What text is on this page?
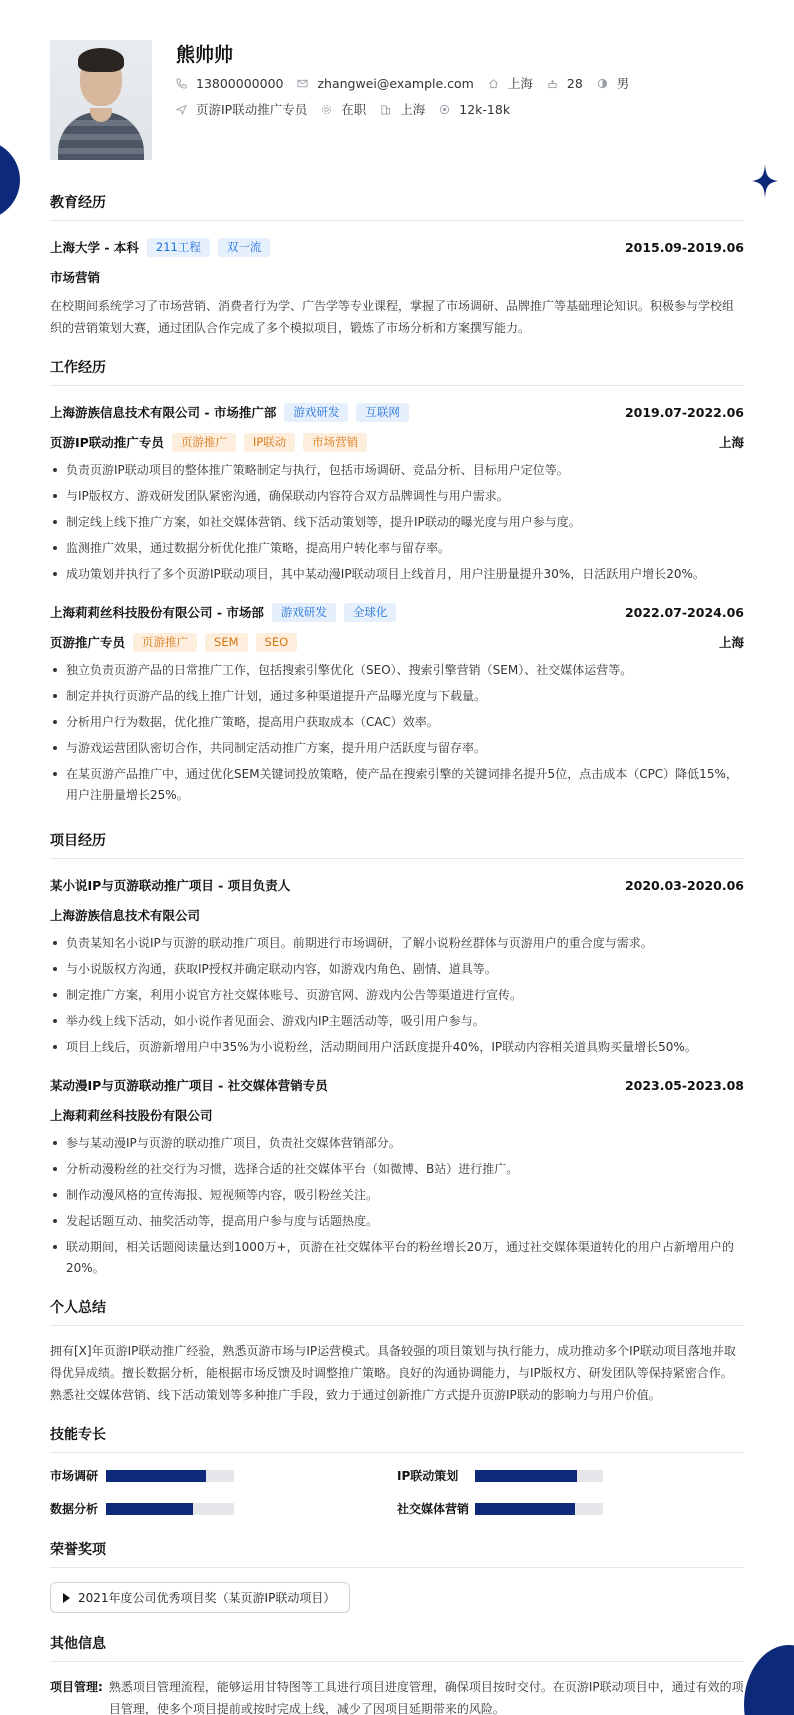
熊帅帅
13800000000	zhangwei@example.com	上海	28	男
页游IP联动推广专员	在职	上海	12k-18k
教育经历
上海大学 - 本科	211工程	双一流	2015.09-2019.06
市场营销
在校期间系统学习了市场营销、消费者行为学、广告学等专业课程，掌握了市场调研、品牌推广等基础理论知识。积极参与学校组织的营销策划大赛，通过团队合作完成了多个模拟项目，锻炼了市场分析和方案撰写能力。
工作经历
上海游族信息技术有限公司 - 市场推广部	游戏研发	互联网	2019.07-2022.06
页游IP联动推广专员	页游推广	IP联动	市场营销	上海
负责页游IP联动项目的整体推广策略制定与执行，包括市场调研、竞品分析、目标用户定位等。
与IP版权方、游戏研发团队紧密沟通，确保联动内容符合双方品牌调性与用户需求。
制定线上线下推广方案，如社交媒体营销、线下活动策划等，提升IP联动的曝光度与用户参与度。
监测推广效果，通过数据分析优化推广策略，提高用户转化率与留存率。
成功策划并执行了多个页游IP联动项目，其中某动漫IP联动项目上线首月，用户注册量提升30%，日活跃用户增长20%。
上海莉莉丝科技股份有限公司 - 市场部	游戏研发	全球化	2022.07-2024.06
页游推广专员	页游推广	SEM	SEO	上海
独立负责页游产品的日常推广工作，包括搜索引擎优化（SEO）、搜索引擎营销（SEM）、社交媒体运营等。
制定并执行页游产品的线上推广计划，通过多种渠道提升产品曝光度与下载量。
分析用户行为数据，优化推广策略，提高用户获取成本（CAC）效率。
与游戏运营团队密切合作，共同制定活动推广方案，提升用户活跃度与留存率。
在某页游产品推广中，通过优化SEM关键词投放策略，使产品在搜索引擎的关键词排名提升5位，点击成本（CPC）降低15%，用户注册量增长25%。
项目经历
某小说IP与页游联动推广项目 - 项目负责人	2020.03-2020.06
上海游族信息技术有限公司
负责某知名小说IP与页游的联动推广项目。前期进行市场调研，了解小说粉丝群体与页游用户的重合度与需求。
与小说版权方沟通，获取IP授权并确定联动内容，如游戏内角色、剧情、道具等。
制定推广方案，利用小说官方社交媒体账号、页游官网、游戏内公告等渠道进行宣传。
举办线上线下活动，如小说作者见面会、游戏内IP主题活动等，吸引用户参与。
项目上线后，页游新增用户中35%为小说粉丝，活动期间用户活跃度提升40%，IP联动内容相关道具购买量增长50%。
某动漫IP与页游联动推广项目 - 社交媒体营销专员	2023.05-2023.08
上海莉莉丝科技股份有限公司
参与某动漫IP与页游的联动推广项目，负责社交媒体营销部分。
分析动漫粉丝的社交行为习惯，选择合适的社交媒体平台（如微博、B站）进行推广。
制作动漫风格的宣传海报、短视频等内容，吸引粉丝关注。
发起话题互动、抽奖活动等，提高用户参与度与话题热度。
联动期间，相关话题阅读量达到1000万+，页游在社交媒体平台的粉丝增长20万，通过社交媒体渠道转化的用户占新增用户的20%。
个人总结
拥有[X]年页游IP联动推广经验，熟悉页游市场与IP运营模式。具备较强的项目策划与执行能力，成功推动多个IP联动项目落地并取得优异成绩。擅长数据分析，能根据市场反馈及时调整推广策略。良好的沟通协调能力，与IP版权方、研发团队等保持紧密合作。熟悉社交媒体营销、线下活动策划等多种推广手段，致力于通过创新推广方式提升页游IP联动的影响力与用户价值。
技能专长
市场调研	IP联动策划
数据分析	社交媒体营销
荣誉奖项
2021年度公司优秀项目奖（某页游IP联动项目）
其他信息
项目管理: 熟悉项目管理流程，能够运用甘特图等工具进行项目进度管理，确保项目按时交付。在页游IP联动项目中，通过有效的项目管理，使多个项目提前或按时完成上线，减少了因项目延期带来的风险。
